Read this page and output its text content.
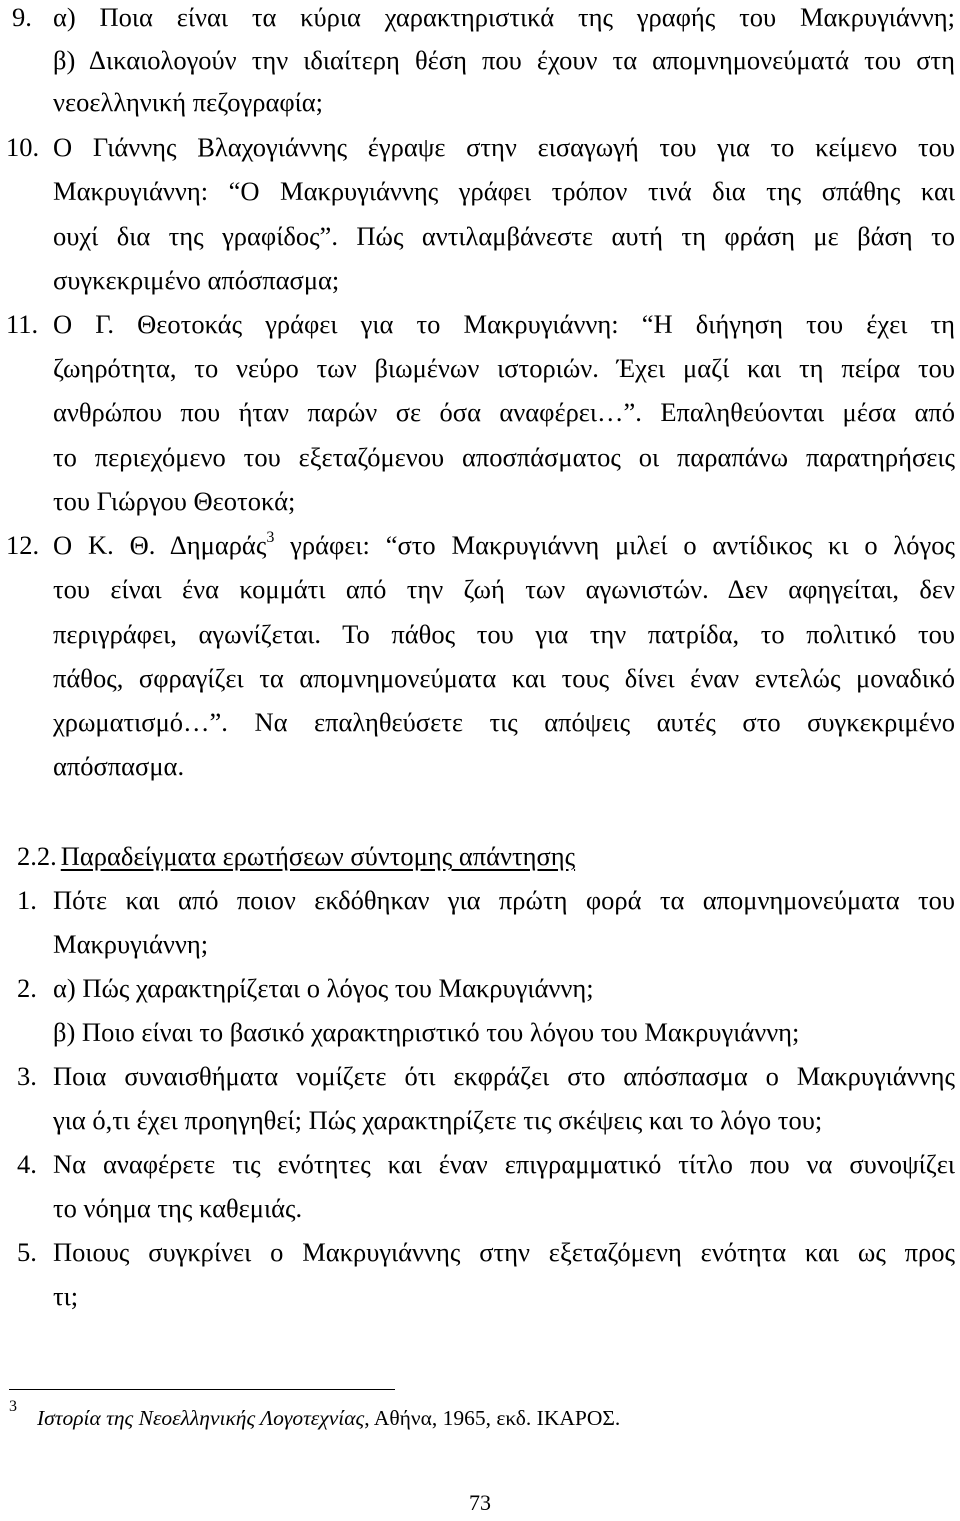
9. α) Ποια είναι τα κύρια χαρακτηριστικά της γραφής του Μακρυγιάννη;
β) Δικαιολογούν την ιδιαίτερη θέση που έχουν τα απομνημονεύματά του στη
νεοελληνική πεζογραφία;
10. Ο Γιάννης Βλαχογιάννης έγραψε στην εισαγωγή του για το κείμενο του
Μακρυγιάννη: “Ο Μακρυγιάννης γράφει τρόπον τινά δια της σπάθης και
ουχί δια της γραφίδος”. Πώς αντιλαμβάνεστε αυτή τη φράση με βάση το
συγκεκριμένο απόσπασμα;
11. Ο Γ. Θεοτοκάς γράφει για το Μακρυγιάννη: “Η διήγηση του έχει τη
ζωηρότητα, το νεύρο των βιωμένων ιστοριών. Έχει μαζί και τη πείρα του
ανθρώπου που ήταν παρών σε όσα αναφέρει…”. Επαληθεύονται μέσα από
το περιεχόμενο του εξεταζόμενου αποσπάσματος οι παραπάνω παρατηρήσεις
του Γιώργου Θεοτοκά;
12. Ο Κ. Θ. Δημαράς$^3$ γράφει: “στο Μακρυγιάννη μιλεί ο αντίδικος κι ο λόγος
του είναι ένα κομμάτι από την ζωή των αγωνιστών. Δεν αφηγείται, δεν
περιγράφει, αγωνίζεται. Το πάθος του για την πατρίδα, το πολιτικό του
πάθος, σφραγίζει τα απομνημονεύματα και τους δίνει έναν εντελώς μοναδικό
χρωματισμό…”. Να επαληθεύσετε τις απόψεις αυτές στο συγκεκριμένο
απόσπασμα.
2.2. Παραδείγματα ερωτήσεων σύντομης απάντησης
1. Πότε και από ποιον εκδόθηκαν για πρώτη φορά τα απομνημονεύματα του
Μακρυγιάννη;
2. α) Πώς χαρακτηρίζεται ο λόγος του Μακρυγιάννη;
β) Ποιο είναι το βασικό χαρακτηριστικό του λόγου του Μακρυγιάννη;
3. Ποια συναισθήματα νομίζετε ότι εκφράζει στο απόσπασμα ο Μακρυγιάννης
για ό,τι έχει προηγηθεί; Πώς χαρακτηρίζετε τις σκέψεις και το λόγο του;
4. Να αναφέρετε τις ενότητες και έναν επιγραμματικό τίτλο που να συνοψίζει
το νόημα της καθεμιάς.
5. Ποιους συγκρίνει ο Μακρυγιάννης στην εξεταζόμενη ενότητα και ως προς
τι;
3 Ιστορία της Νεοελληνικής Λογοτεχνίας, Αθήνα, 1965, εκδ. ΙΚΑΡΟΣ.
73
